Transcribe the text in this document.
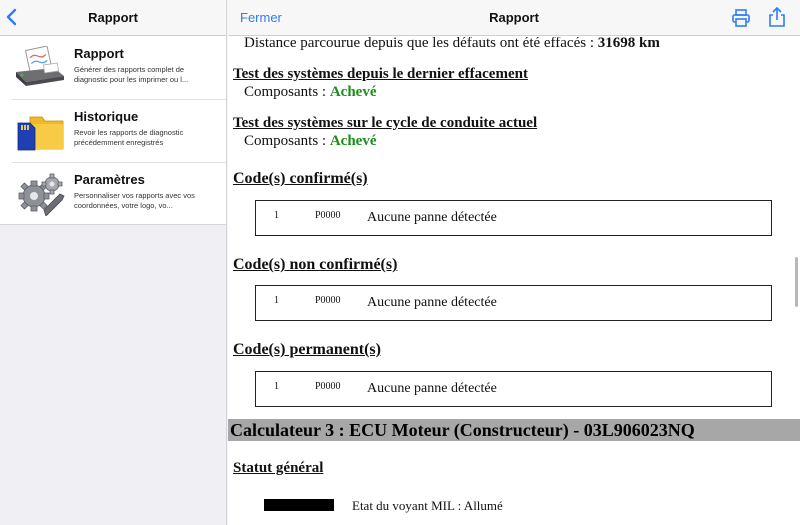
Rapport
Rapport
Générer des rapports complet de diagnostic pour les imprimer ou l...
Historique
Revoir les rapports de diagnostic précédemment enregistrés
Paramètres
Personnaliser vos rapports avec vos coordonnées, votre logo, vo...
Fermer	Rapport
Distance parcourue depuis que les défauts ont été effacés : 31698 km
Test des systèmes depuis le dernier effacement
Composants : Achevé
Test des systèmes sur le cycle de conduite actuel
Composants : Achevé
Code(s) confirmé(s)
1	P0000 Aucune panne détectée
Code(s) non confirmé(s)
1	P0000 Aucune panne détectée
Code(s) permanent(s)
1	P0000 Aucune panne détectée
Calculateur 3 : ECU Moteur (Constructeur) - 03L906023NQ
Statut général
Etat du voyant MIL : Allumé
